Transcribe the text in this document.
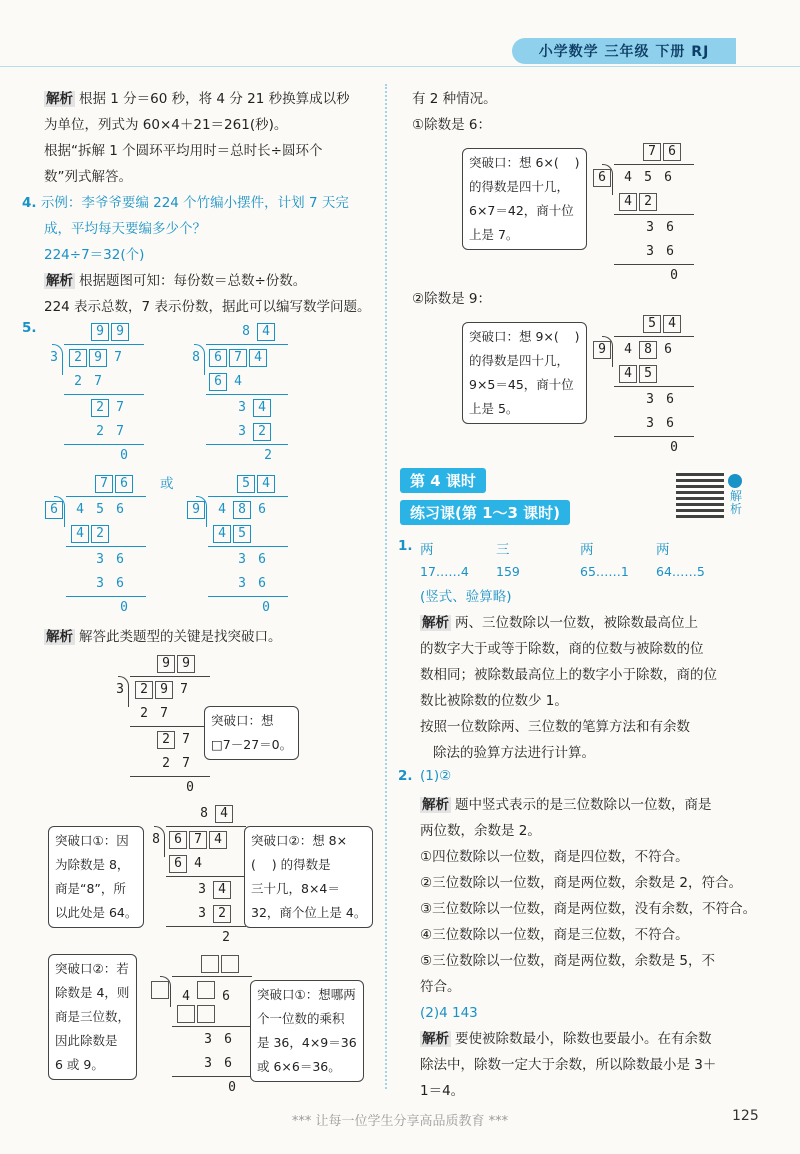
小学数学 三年级 下册 RJ

解析 根据 1 分＝60 秒，将 4 分 21 秒换算成以秒

为单位，列式为 60×4＋21＝261(秒)。

根据“拆解 1 个圆环平均用时＝总时长÷圆环个

数”列式解答。

4. 示例：李爷爷要编 224 个竹编小摆件，计划 7 天完

成，平均每天要编多少个？

224÷7＝32(个)

解析 根据题图可知：每份数＝总数÷份数。

224 表示总数，7 表示份数，据此可以编写数学问题。

5.	9 9
3	2 9 7
2 7
2 7
2 7
0
8 4
8	6 7 4
6 4
3 4
3 2
2
7 6
6	4 5 6
4 2
3 6
3 6
0
或	5 4
9	4 8 6
4 5
3 6
3 6
0

解析 解答此类题型的关键是找突破口。

9 9
3	2 9 7
2 7
2 7
2 7
0
突破口：想
□7－27＝0。
8 4
8	6 7 4
6 4
3 4
3 2
2
突破口①：因
为除数是 8，
商是“8”，所
以此处是 64。
突破口②：想 8×
(    ) 的得数是
三十几，8×4＝
32，商个位上是 4。
4 6
3 6
3 6
0
突破口②：若
除数是 4，则
商是三位数，
因此除数是
6 或 9。
突破口①：想哪两
个一位数的乘积
是 36，4×9＝36
或 6×6＝36。

有 2 种情况。

①除数是 6：

突破口：想 6×(    )
的得数是四十几，
6×7＝42，商十位
上是 7。
7 6
6	4 5 6
4 2
3 6
3 6
0

②除数是 9：

突破口：想 9×(    )
的得数是四十几，
9×5＝45，商十位
上是 5。
5 4
9	4 8 6
4 5
3 6
3 6
0
第 4 课时
练习课(第 1～3 课时)
解析
1. 两	三	两	两
17……4 159	65……1 64……5

(竖式、验算略)

解析 两、三位数除以一位数，被除数最高位上

的数字大于或等于除数，商的位数与被除数的位

数相同；被除数最高位上的数字小于除数，商的位

数比被除数的位数少 1。

按照一位数除两、三位数的笔算方法和有余数

除法的验算方法进行计算。

2. (1)②

解析 题中竖式表示的是三位数除以一位数，商是

两位数，余数是 2。

①四位数除以一位数，商是四位数，不符合。

②三位数除以一位数，商是两位数，余数是 2，符合。

③三位数除以一位数，商是两位数，没有余数，不符合。

④三位数除以一位数，商是三位数，不符合。

⑤三位数除以一位数，商是两位数，余数是 5，不

符合。

(2)4 143

解析 要使被除数最小，除数也要最小。在有余数

除法中，除数一定大于余数，所以除数最小是 3＋

1＝4。

*** 让每一位学生分享高品质教育 ***	125
